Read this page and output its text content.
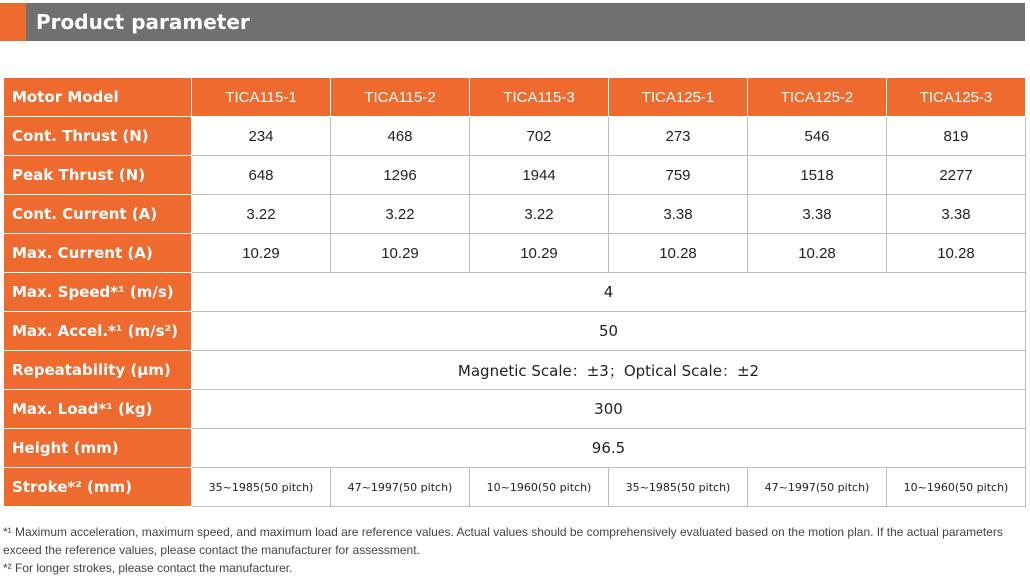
Product parameter
Motor Model	TICA115-1	TICA115-2	TICA115-3	TICA125-1	TICA125-2	TICA125-3
Cont. Thrust (N)	234	468	702	273	546	819
Peak Thrust (N)	648	1296	1944	759	1518	2277
Cont. Current (A)	3.22	3.22	3.22	3.38	3.38	3.38
Max. Current (A)	10.29	10.29	10.29	10.28	10.28	10.28
Max. Speed*¹ (m/s)	4					
Max. Accel.*¹ (m/s²)	50					
Repeatability (μm)	Magnetic Scale：±3；Optical Scale：±2					
Max. Load*¹ (kg)	300					
Height (mm)	96.5					
Stroke*² (mm)	35~1985(50 pitch)	47~1997(50 pitch)	10~1960(50 pitch)	35~1985(50 pitch)	47~1997(50 pitch)	10~1960(50 pitch)

*¹ Maximum acceleration, maximum speed, and maximum load are reference values. Actual values should be comprehensively evaluated based on the motion plan. If the actual parameters exceed the reference values, please contact the manufacturer for assessment.

*² For longer strokes, please contact the manufacturer.
